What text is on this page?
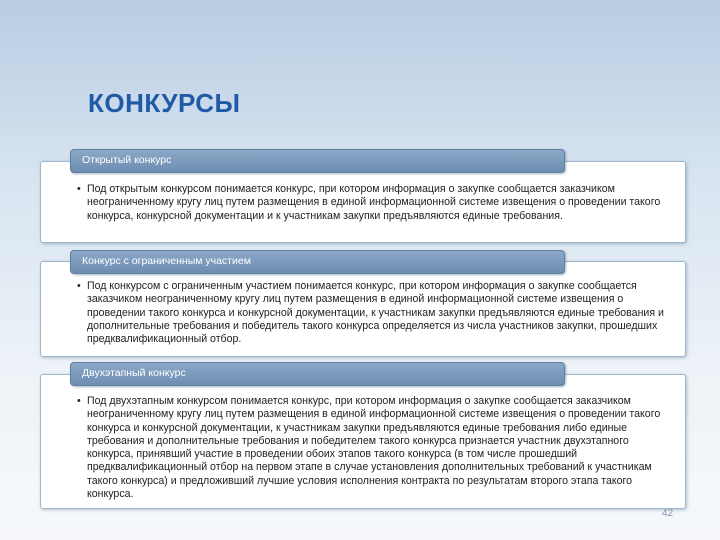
КОНКУРСЫ
• Под открытым конкурсом понимается конкурс, при котором информация о закупке сообщается заказчиком неограниченному кругу лиц путем размещения в единой информационной системе извещения о проведении такого конкурса, конкурсной документации и к участникам закупки предъявляются единые требования.
Открытый конкурс
• Под конкурсом с ограниченным участием понимается конкурс, при котором информация о закупке сообщается заказчиком неограниченному кругу лиц путем размещения в единой информационной системе извещения о проведении такого конкурса и конкурсной документации, к участникам закупки предъявляются единые требования и дополнительные требования и победитель такого конкурса определяется из числа участников закупки, прошедших предквалификационный отбор.
Конкурс с ограниченным участием
• Под двухэтапным конкурсом понимается конкурс, при котором информация о закупке сообщается заказчиком неограниченному кругу лиц путем размещения в единой информационной системе извещения о проведении такого конкурса и конкурсной документации, к участникам закупки предъявляются единые требования либо единые требования и дополнительные требования и победителем такого конкурса признается участник двухэтапного конкурса, принявший участие в проведении обоих этапов такого конкурса (в том числе прошедший предквалификационный отбор на первом этапе в случае установления дополнительных требований к участникам такого конкурса) и предложивший лучшие условия исполнения контракта по результатам второго этапа такого конкурса.
Двухэтапный конкурс
42
